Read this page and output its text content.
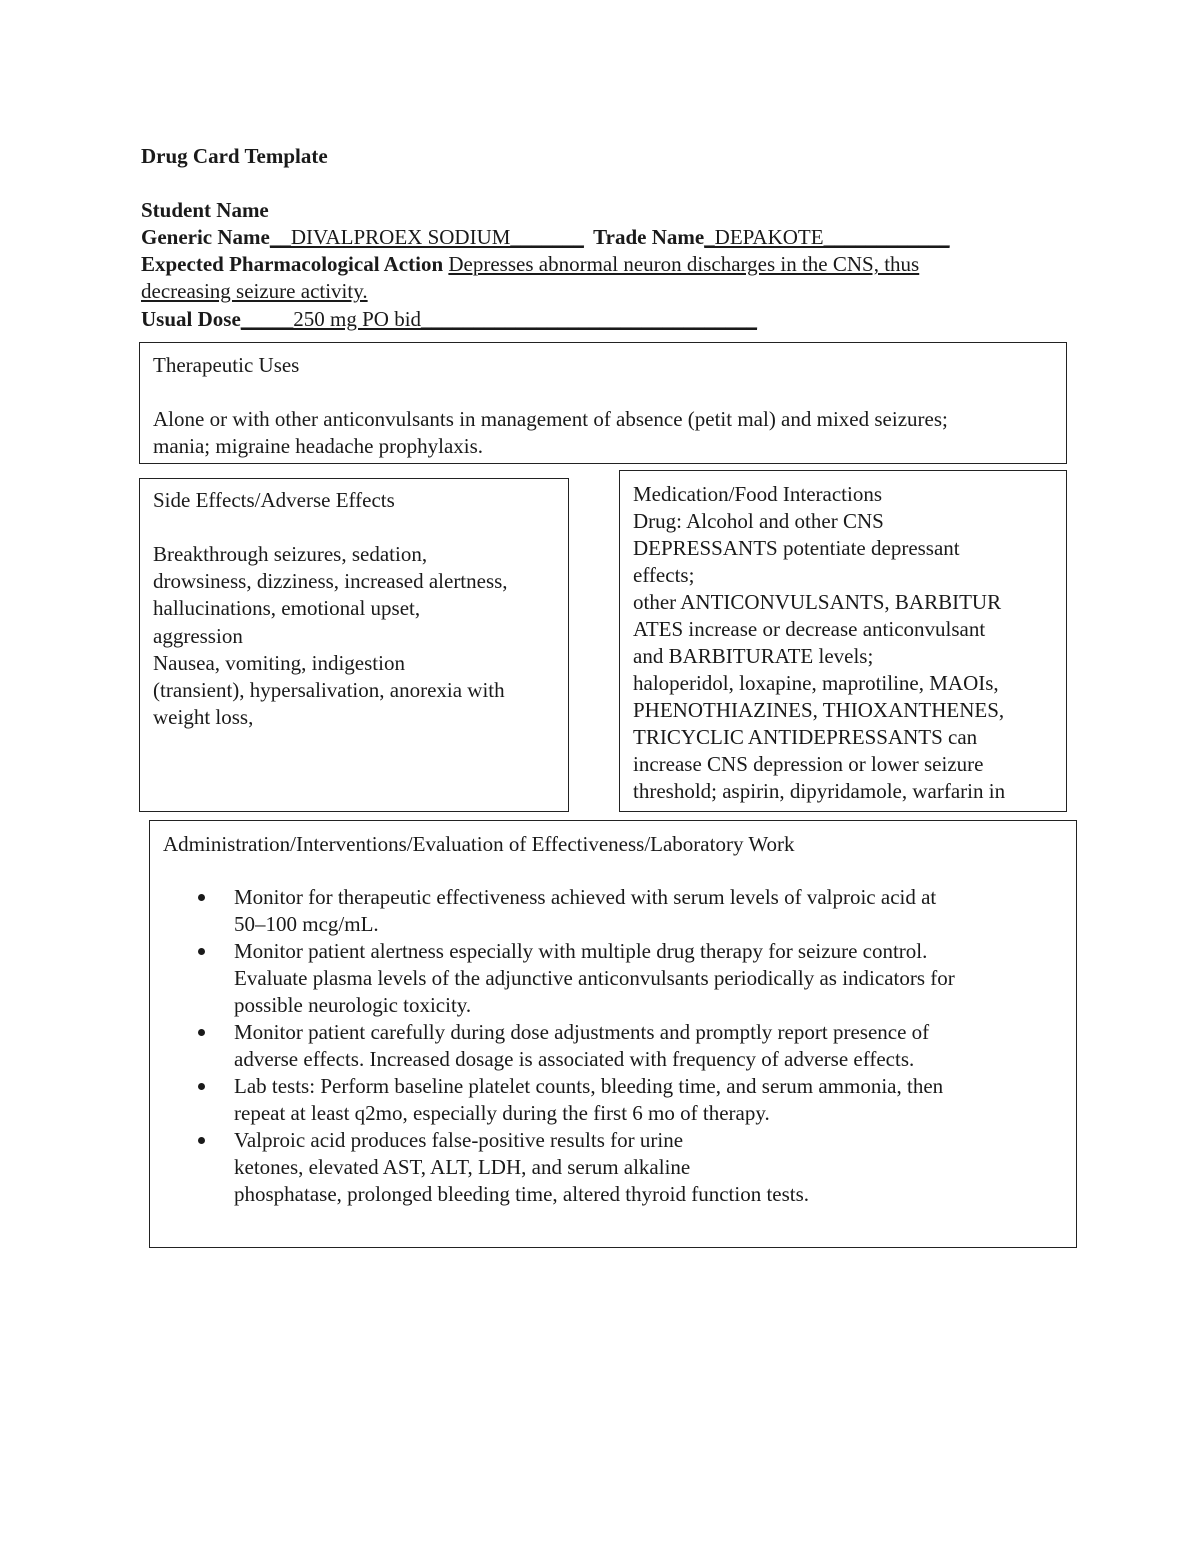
Drug Card Template
Student Name
Generic Name__DIVALPROEX SODIUM_______ Trade Name_DEPAKOTE____________
Expected Pharmacological Action Depresses abnormal neuron discharges in the CNS, thus
decreasing seizure activity.
Usual Dose_____250 mg PO bid________________________________
Therapeutic Uses
Alone or with other anticonvulsants in management of absence (petit mal) and mixed seizures;
mania; migraine headache prophylaxis.
Side Effects/Adverse Effects
Breakthrough seizures, sedation,
drowsiness, dizziness, increased alertness,
hallucinations, emotional upset,
aggression
Nausea, vomiting, indigestion
(transient), hypersalivation, anorexia with
weight loss,
Medication/Food Interactions
Drug: Alcohol and other CNS
DEPRESSANTS potentiate depressant
effects;
other ANTICONVULSANTS, BARBITUR
ATES increase or decrease anticonvulsant
and BARBITURATE levels;
haloperidol, loxapine, maprotiline, MAOIs,
PHENOTHIAZINES, THIOXANTHENES,
TRICYCLIC ANTIDEPRESSANTS can
increase CNS depression or lower seizure
threshold; aspirin, dipyridamole, warfarin in
Administration/Interventions/Evaluation of Effectiveness/Laboratory Work
Monitor for therapeutic effectiveness achieved with serum levels of valproic acid at
50–100 mcg/mL.
Monitor patient alertness especially with multiple drug therapy for seizure control.
Evaluate plasma levels of the adjunctive anticonvulsants periodically as indicators for
possible neurologic toxicity.
Monitor patient carefully during dose adjustments and promptly report presence of
adverse effects. Increased dosage is associated with frequency of adverse effects.
Lab tests: Perform baseline platelet counts, bleeding time, and serum ammonia, then
repeat at least q2mo, especially during the first 6 mo of therapy.
Valproic acid produces false-positive results for urine
ketones, elevated AST, ALT, LDH, and serum alkaline
phosphatase, prolonged bleeding time, altered thyroid function tests.
